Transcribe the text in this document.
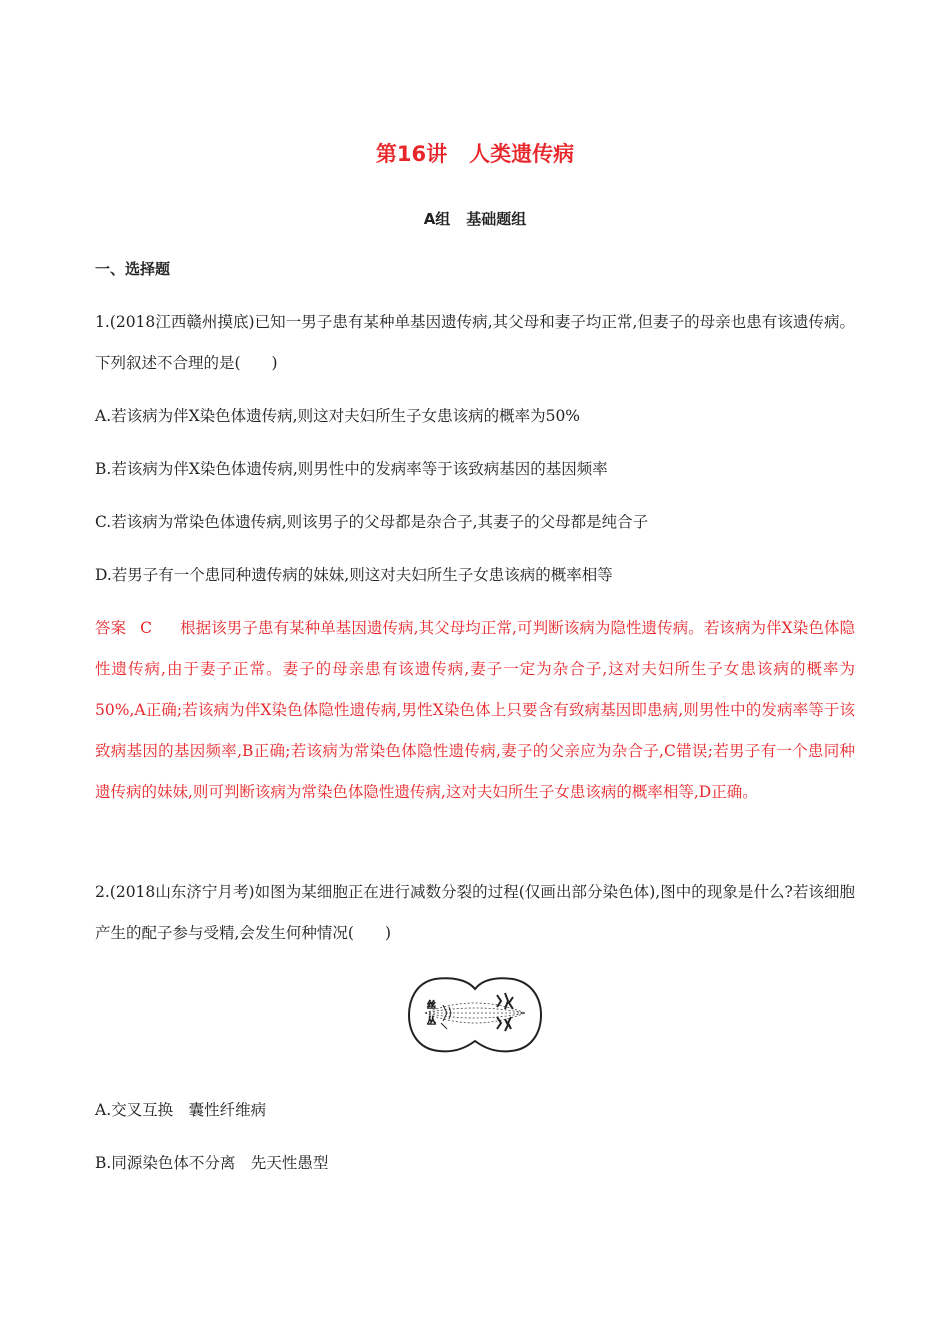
第16讲 人类遗传病
A组 基础题组
一、选择题
1.(2018江西赣州摸底)已知一男子患有某种单基因遗传病,其父母和妻子均正常,但妻子的母亲也患有该遗传病。下列叙述不合理的是(　　)
A.若该病为伴X染色体遗传病,则这对夫妇所生子女患该病的概率为50%
B.若该病为伴X染色体遗传病,则男性中的发病率等于该致病基因的基因频率
C.若该病为常染色体遗传病,则该男子的父母都是杂合子,其妻子的父母都是纯合子
D.若男子有一个患同种遗传病的妹妹,则这对夫妇所生子女患该病的概率相等
答案 C 根据该男子患有某种单基因遗传病,其父母均正常,可判断该病为隐性遗传病。若该病为伴X染色体隐性遗传病,由于妻子正常。妻子的母亲患有该遗传病,妻子一定为杂合子,这对夫妇所生子女患该病的概率为50%,A正确;若该病为伴X染色体隐性遗传病,男性X染色体上只要含有致病基因即患病,则男性中的发病率等于该致病基因的基因频率,B正确;若该病为常染色体隐性遗传病,妻子的父亲应为杂合子,C错误;若男子有一个患同种遗传病的妹妹,则可判断该病为常染色体隐性遗传病,这对夫妇所生子女患该病的概率相等,D正确。
2.(2018山东济宁月考)如图为某细胞正在进行减数分裂的过程(仅画出部分染色体),图中的现象是什么?若该细胞产生的配子参与受精,会发生何种情况(　　)
丝
丛
A.交叉互换　囊性纤维病
B.同源染色体不分离　先天性愚型
